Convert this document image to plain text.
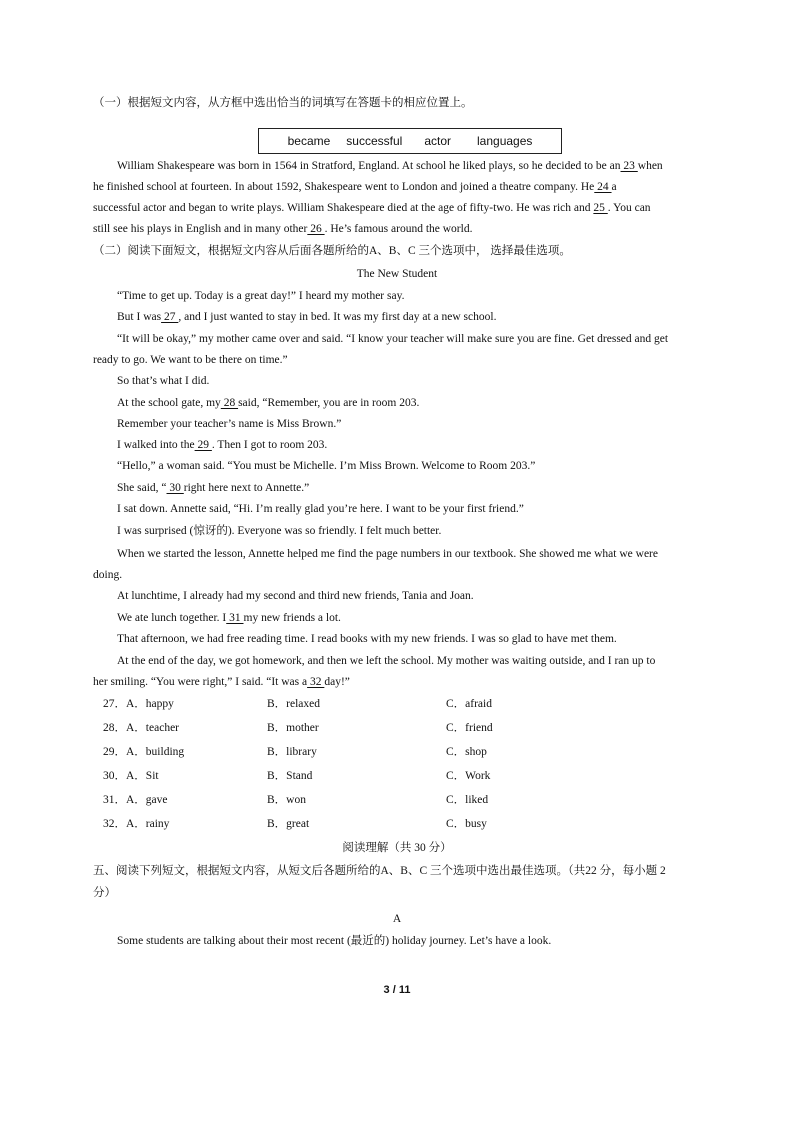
（一）根据短文内容，从方框中选出恰当的词填写在答题卡的相应位置上。
became successful actor languages
William Shakespeare was born in 1564 in Stratford, England. At school he liked plays, so he decided to be an 23 when
he finished school at fourteen. In about 1592, Shakespeare went to London and joined a theatre company. He 24 a
successful actor and began to write plays. William Shakespeare died at the age of fifty-two. He was rich and 25 . You can
still see his plays in English and in many other 26 . He’s famous around the world.
（二）阅读下面短文，根据短文内容从后面各题所给的A、B、C 三个选项中， 选择最佳选项。
The New Student
“Time to get up. Today is a great day!” I heard my mother say.
But I was 27 , and I just wanted to stay in bed. It was my first day at a new school.
“It will be okay,” my mother came over and said. “I know your teacher will make sure you are fine. Get dressed and get
ready to go. We want to be there on time.”
So that’s what I did.
At the school gate, my 28 said, “Remember, you are in room 203.
Remember your teacher’s name is Miss Brown.”
I walked into the 29 . Then I got to room 203.
“Hello,” a woman said. “You must be Michelle. I’m Miss Brown. Welcome to Room 203.”
She said, “ 30 right here next to Annette.”
I sat down. Annette said, “Hi. I’m really glad you’re here. I want to be your first friend.”
I was surprised (惊讶的). Everyone was so friendly. I felt much better.
When we started the lesson, Annette helped me find the page numbers in our textbook. She showed me what we were
doing.
At lunchtime, I already had my second and third new friends, Tania and Joan.
We ate lunch together. I 31 my new friends a lot.
That afternoon, we had free reading time. I read books with my new friends. I was so glad to have met them.
At the end of the day, we got homework, and then we left the school. My mother was waiting outside, and I ran up to
her smiling. “You were right,” I said. “It was a 32 day!”
27．A．happy	B．relaxed	C．afraid
28．A．teacher	B．mother	C．friend
29．A．building	B．library	C．shop
30．A．Sit	B．Stand	C．Work
31．A．gave	B．won	C．liked
32．A．rainy	B．great	C．busy
阅读理解（共 30 分）
五、阅读下列短文，根据短文内容，从短文后各题所给的A、B、C 三个选项中选出最佳选项。（共22 分，每小题 2
分）
A
Some students are talking about their most recent (最近的) holiday journey. Let’s have a look.
3 / 11
